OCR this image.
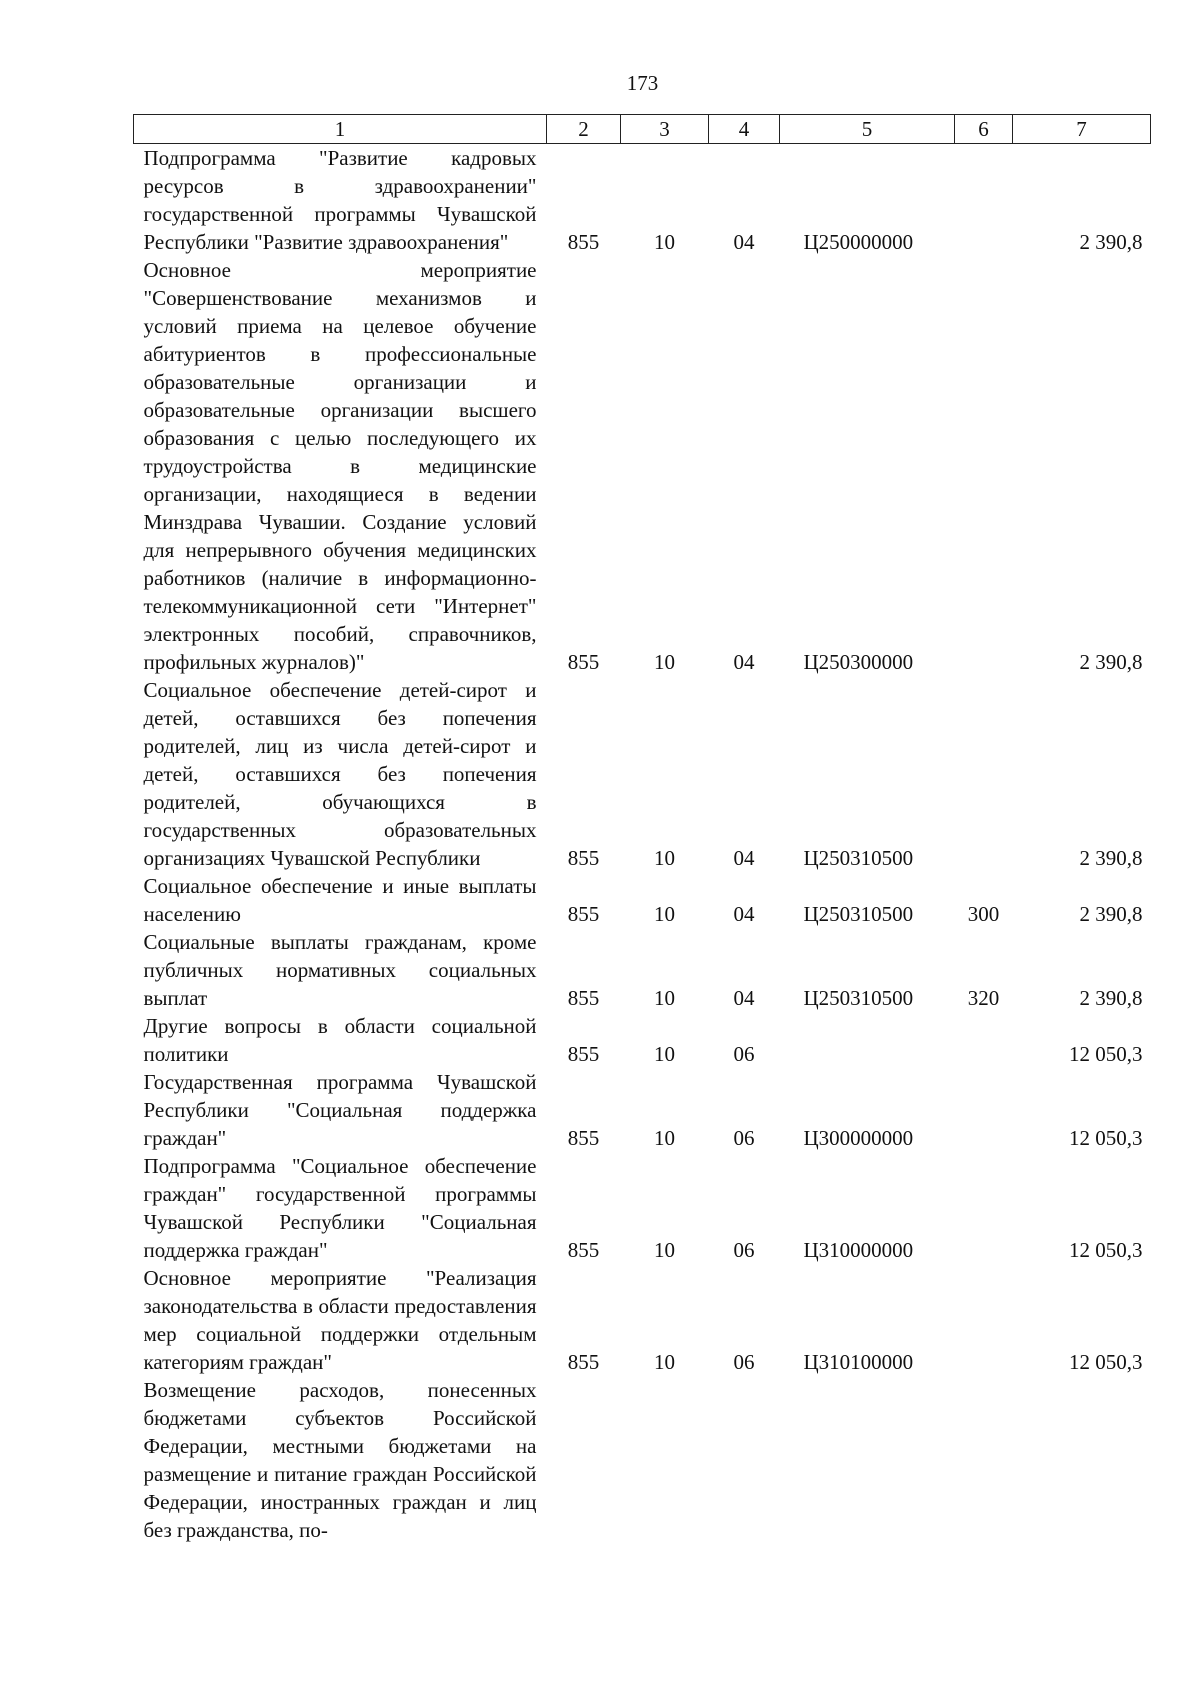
173
1	2	3	4	5	6	7
Подпрограмма "Развитие кадровых ресурсов в здравоохранении" государственной программы Чувашской Республики "Развитие здравоохранения"	855	10	04	Ц250000000		2 390,8
Основное мероприятие "Совершенствование механизмов и условий приема на целевое обучение абитуриентов в профессиональные образовательные организации и образовательные организации высшего образования с целью последующего их трудоустройства в медицинские организации, находящиеся в ведении Минздрава Чувашии. Создание условий для непрерывного обучения медицинских работников (наличие в информационно-телекоммуникационной сети "Интернет" электронных пособий, справочников, профильных журналов)"	855	10	04	Ц250300000		2 390,8
Социальное обеспечение детей-сирот и детей, оставшихся без попечения родителей, лиц из числа детей-сирот и детей, оставшихся без попечения родителей, обучающихся в государственных образовательных организациях Чувашской Республики	855	10	04	Ц250310500		2 390,8
Социальное обеспечение и иные выплаты населению	855	10	04	Ц250310500	300	2 390,8
Социальные выплаты гражданам, кроме публичных нормативных социальных выплат	855	10	04	Ц250310500	320	2 390,8
Другие вопросы в области социальной политики	855	10	06			12 050,3
Государственная программа Чувашской Республики "Социальная поддержка граждан"	855	10	06	Ц300000000		12 050,3
Подпрограмма "Социальное обеспечение граждан" государственной программы Чувашской Республики "Социальная поддержка граждан"	855	10	06	Ц310000000		12 050,3
Основное мероприятие "Реализация законодательства в области предоставления мер социальной поддержки отдельным категориям граждан"	855	10	06	Ц310100000		12 050,3
Возмещение расходов, понесенных бюджетами субъектов Российской Федерации, местными бюджетами на размещение и питание граждан Российской Федерации, иностранных граждан и лиц без гражданства, по-						
